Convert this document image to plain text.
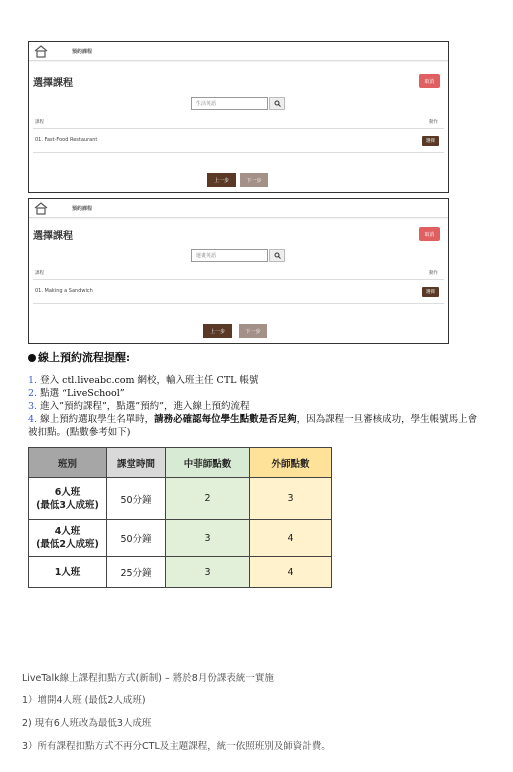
預約課程
選擇課程	取消
生活英語
課程	動作
01. Fast-Food Restaurant	選擇
上一步	下一步
預約課程
選擇課程	取消
運畫英語
課程	動作
01. Making a Sandwich	選擇
上一步	下一步
線上預約流程提醒:
1. 登入 ctl.liveabc.com 網校，輸入班主任 CTL 帳號
2. 點選 “LiveSchool”
3. 進入”預約課程”，點選”預約”，進入線上預約流程
4. 線上預約選取學生名單時，請務必確認每位學生點數是否足夠，因為課程一旦審核成功，學生帳號馬上會被扣點。(點數參考如下)
班別	課堂時間	中菲師點數	外師點數

6人班
(最低3人成班)	50分鐘	2	3

4人班
(最低2人成班)	50分鐘	3	4

1人班	25分鐘	3	4
LiveTalk線上課程扣點方式(新制) – 將於8月份課表統一實施
1）增開4人班 (最低2人成班)
2) 現有6人班改為最低3人成班
3）所有課程扣點方式不再分CTL及主題課程，統一依照班別及師資計費。
